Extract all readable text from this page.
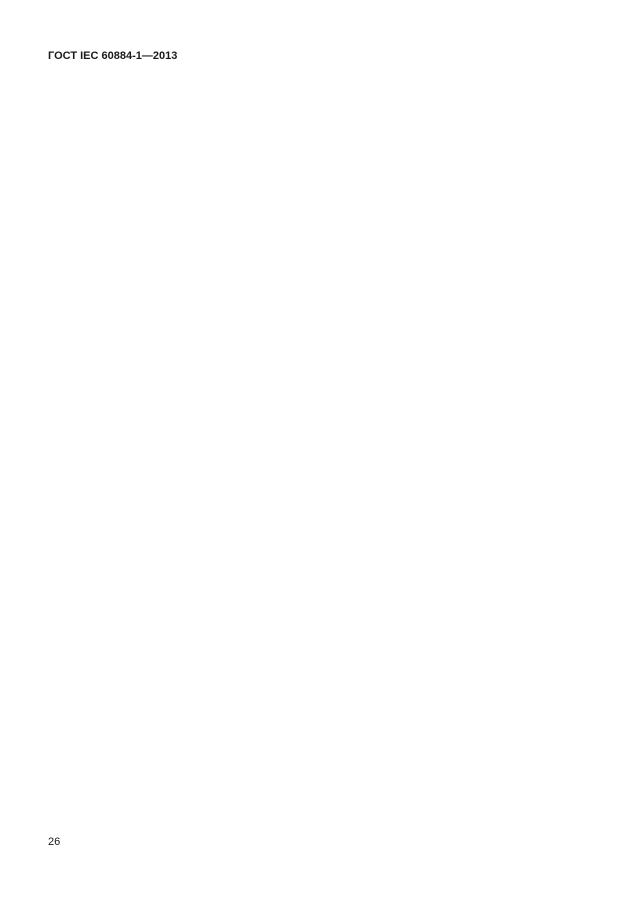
ГОСТ IEC 60884-1—2013
26
